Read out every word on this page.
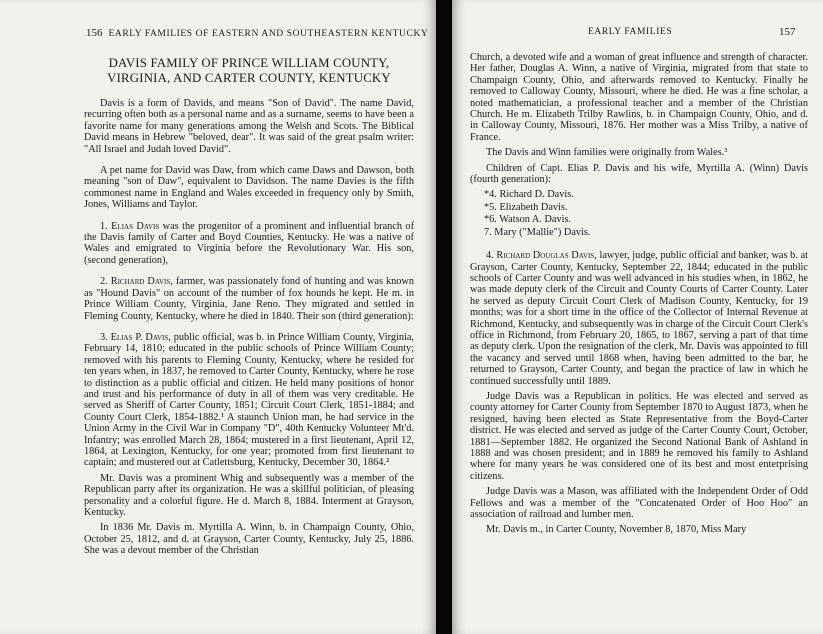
156 EARLY FAMILIES OF EASTERN AND SOUTHEASTERN KENTUCKY
DAVIS FAMILY OF PRINCE WILLIAM COUNTY,
VIRGINIA, AND CARTER COUNTY, KENTUCKY

Davis is a form of Davids, and means "Son of David". The name David, recurring often both as a personal name and as a surname, seems to have been a favorite name for many generations among the Welsh and Scots. The Biblical David means in Hebrew "beloved, dear". It was said of the great psalm writer: "All Israel and Judah loved David".

A pet name for David was Daw, from which came Daws and Dawson, both meaning "son of Daw", equivalent to Davidson. The name Davies is the fifth commonest name in England and Wales exceeded in frequency only by Smith, Jones, Williams and Taylor.

1. Elias Davis was the progenitor of a prominent and influential branch of the Davis family of Carter and Boyd Counties, Kentucky. He was a native of Wales and emigrated to Virginia before the Revolutionary War. His son, (second generation),

2. Richard Davis, farmer, was passionately fond of hunting and was known as "Hound Davis" on account of the number of fox hounds he kept. He m. in Prince William County, Virginia, Jane Reno. They migrated and settled in Fleming County, Kentucky, where he died in 1840. Their son (third generation):

3. Elias P. Davis, public official, was b. in Prince William County, Virginia, February 14, 1810; educated in the public schools of Prince William County; removed with his parents to Fleming County, Kentucky, where he resided for ten years when, in 1837, he removed to Carter County, Kentucky, where he rose to distinction as a public official and citizen. He held many positions of honor and trust and his performance of duty in all of them was very creditable. He served as Sheriff of Carter County, 1851; Circuit Court Clerk, 1851-1884; and County Court Clerk, 1854-1882.¹ A staunch Union man, he had service in the Union Army in the Civil War in Company "D", 40th Kentucky Volunteer Mt'd. Infantry; was enrolled March 28, 1864; mustered in a first lieutenant, April 12, 1864, at Lexington, Kentucky, for one year; promoted from first lieutenant to captain; and mustered out at Catlettsburg, Kentucky, December 30, 1864.²

Mr. Davis was a prominent Whig and subsequently was a member of the Republican party after its organization. He was a skillful politician, of pleasing personality and a colorful figure. He d. March 8, 1884. Interment at Grayson, Kentucky.

In 1836 Mr. Davis m. Myrtilla A. Winn, b. in Champaign County, Ohio, October 25, 1812, and d. at Grayson, Carter County, Kentucky, July 25, 1886. She was a devout member of the Christian

EARLY FAMILIES	157

Church, a devoted wife and a woman of great influence and strength of character. Her father, Douglas A. Winn, a native of Virginia, migrated from that state to Champaign County, Ohio, and afterwards removed to Kentucky. Finally he removed to Calloway County, Missouri, where he died. He was a fine scholar, a noted mathematician, a professional teacher and a member of the Christian Church. He m. Elizabeth Trilby Rawlins, b. in Champaign County, Ohio, and d. in Calloway County, Missouri, 1876. Her mother was a Miss Trilby, a native of France.

The Davis and Winn families were originally from Wales.³

Children of Capt. Elias P. Davis and his wife, Myrtilla A. (Winn) Davis (fourth generation):

*4. Richard D. Davis.
*5. Elizabeth Davis.
*6. Watson A. Davis.
7. Mary ("Mallie") Davis.

4. Richard Douglas Davis, lawyer, judge, public official and banker, was b. at Grayson, Carter County, Kentucky, September 22, 1844; educated in the public schools of Carter County and was well advanced in his studies when, in 1862, he was made deputy clerk of the Circuit and County Courts of Carter County. Later he served as deputy Circuit Court Clerk of Madison County, Kentucky, for 19 months; was for a short time in the office of the Collector of Internal Revenue at Richmond, Kentucky, and subsequently was in charge of the Circuit Court Clerk's office in Richmond, from February 20, 1865, to 1867, serving a part of that time as deputy clerk. Upon the resignation of the clerk, Mr. Davis was appointed to fill the vacancy and served until 1868 when, having been admitted to the bar, he returned to Grayson, Carter County, and began the practice of law in which he continued successfully until 1889.

Judge Davis was a Republican in politics. He was elected and served as county attorney for Carter County from September 1870 to August 1873, when he resigned, having been elected as State Representative from the Boyd-Carter district. He was elected and served as judge of the Carter County Court, October, 1881—September 1882. He organized the Second National Bank of Ashland in 1888 and was chosen president; and in 1889 he removed his family to Ashland where for many years he was considered one of its best and most enterprising citizens.

Judge Davis was a Mason, was affiliated with the Independent Order of Odd Fellows and was a member of the "Concatenated Order of Hoo Hoo" an association of railroad and lumber men.

Mr. Davis m., in Carter County, November 8, 1870, Miss Mary
